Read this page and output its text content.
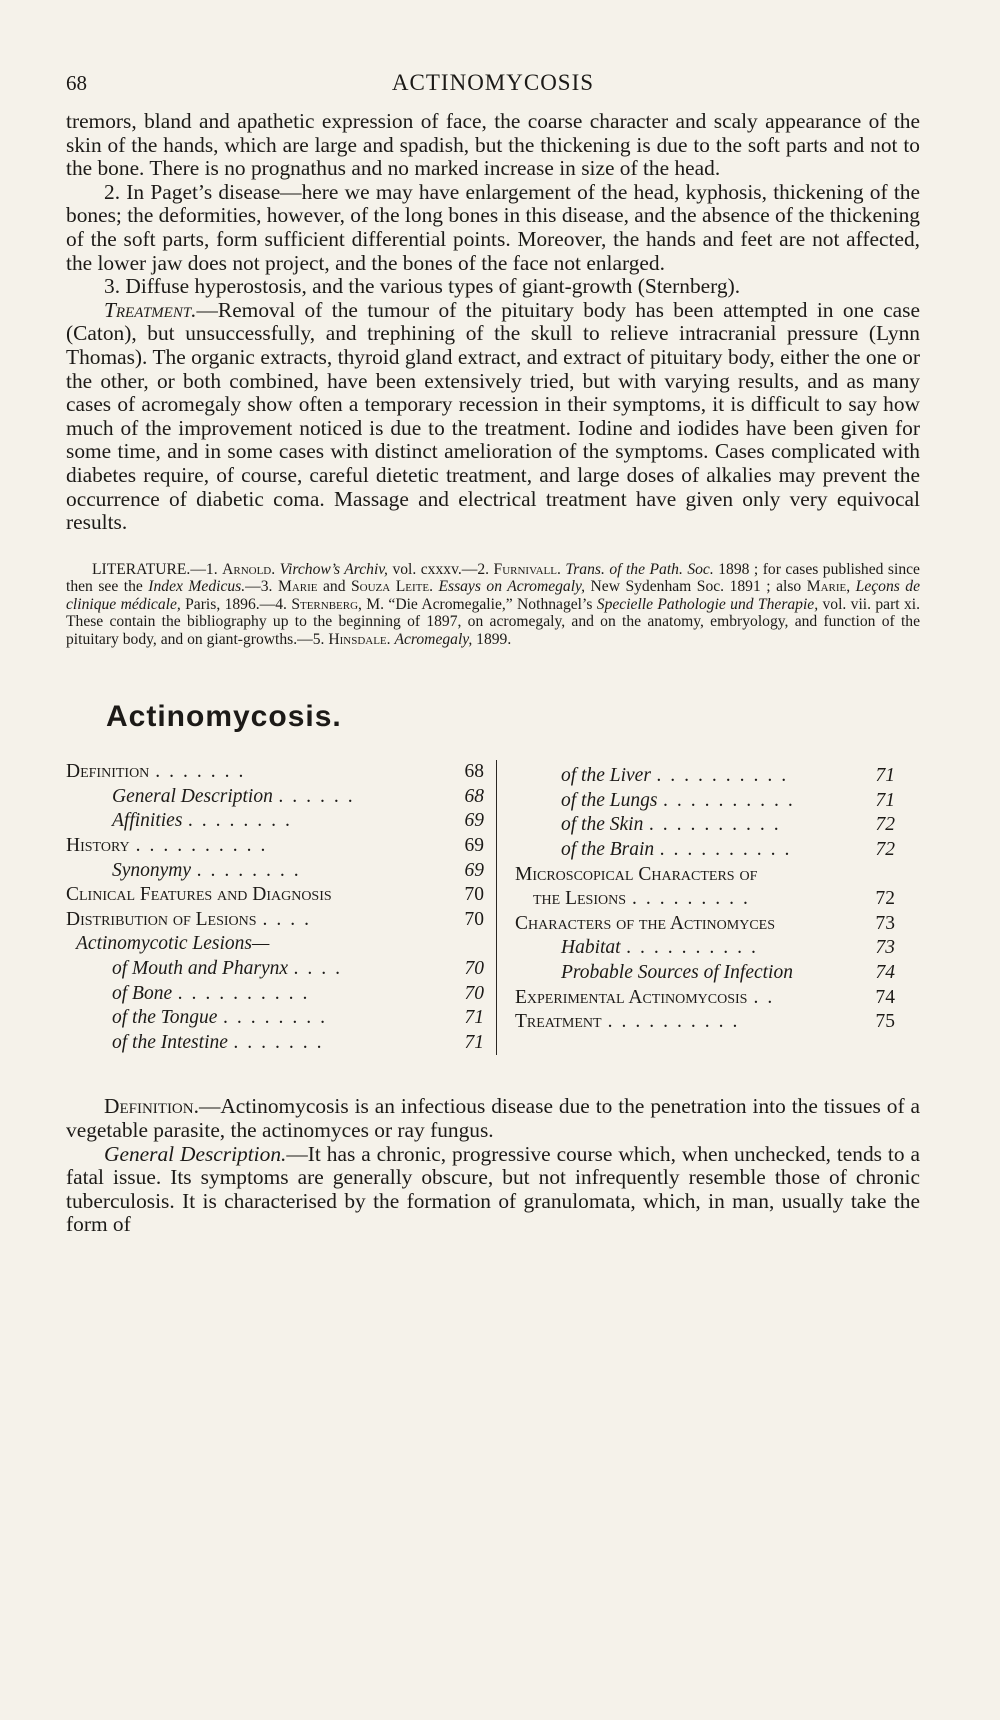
68	ACTINOMYCOSIS

tremors, bland and apathetic expression of face, the coarse character and scaly appearance of the skin of the hands, which are large and spadish, but the thickening is due to the soft parts and not to the bone. There is no prognathus and no marked increase in size of the head.

2. In Paget’s disease—here we may have enlargement of the head, kyphosis, thickening of the bones; the deformities, however, of the long bones in this disease, and the absence of the thickening of the soft parts, form sufficient differential points. Moreover, the hands and feet are not affected, the lower jaw does not project, and the bones of the face not enlarged.

3. Diffuse hyperostosis, and the various types of giant-growth (Sternberg).

Treatment.—Removal of the tumour of the pituitary body has been attempted in one case (Caton), but unsuccessfully, and trephining of the skull to relieve intracranial pressure (Lynn Thomas). The organic extracts, thyroid gland extract, and extract of pituitary body, either the one or the other, or both combined, have been extensively tried, but with varying results, and as many cases of acromegaly show often a temporary recession in their symptoms, it is difficult to say how much of the improvement noticed is due to the treatment. Iodine and iodides have been given for some time, and in some cases with distinct amelioration of the symptoms. Cases complicated with diabetes require, of course, careful dietetic treatment, and large doses of alkalies may prevent the occurrence of diabetic coma. Massage and electrical treatment have given only very equivocal results.

LITERATURE.—1. Arnold. Virchow’s Archiv, vol. cxxxv.—2. Furnivall. Trans. of the Path. Soc. 1898 ; for cases published since then see the Index Medicus.—3. Marie and Souza Leite. Essays on Acromegaly, New Sydenham Soc. 1891 ; also Marie, Leçons de clinique médicale, Paris, 1896.—4. Sternberg, M. “Die Acromegalie,” Nothnagel’s Specielle Pathologie und Therapie, vol. vii. part xi. These contain the bibliography up to the beginning of 1897, on acromegaly, and on the anatomy, embryology, and function of the pituitary body, and on giant-growths.—5. Hinsdale. Acromegaly, 1899.
Actinomycosis.
Definition .......	68
General Description ......	68
Affinities ........	69
History ..........	69
Synonymy ........	69
Clinical Features and Diagnosis	70
Distribution of Lesions ....	70
Actinomycotic Lesions—
of Mouth and Pharynx ....	70
of Bone ..........	70
of the Tongue ........	71
of the Intestine .......	71
of the Liver ..........	71
of the Lungs ..........	71
of the Skin ..........	72
of the Brain ..........	72
Microscopical Characters of
the Lesions .........	72
Characters of the Actinomyces	73
Habitat ..........	73
Probable Sources of Infection	74
Experimental Actinomycosis ..	74
Treatment ..........	75

Definition.—Actinomycosis is an infectious disease due to the penetration into the tissues of a vegetable parasite, the actinomyces or ray fungus.

General Description.—It has a chronic, progressive course which, when unchecked, tends to a fatal issue. Its symptoms are generally obscure, but not infrequently resemble those of chronic tuberculosis. It is characterised by the formation of granulomata, which, in man, usually take the form of
